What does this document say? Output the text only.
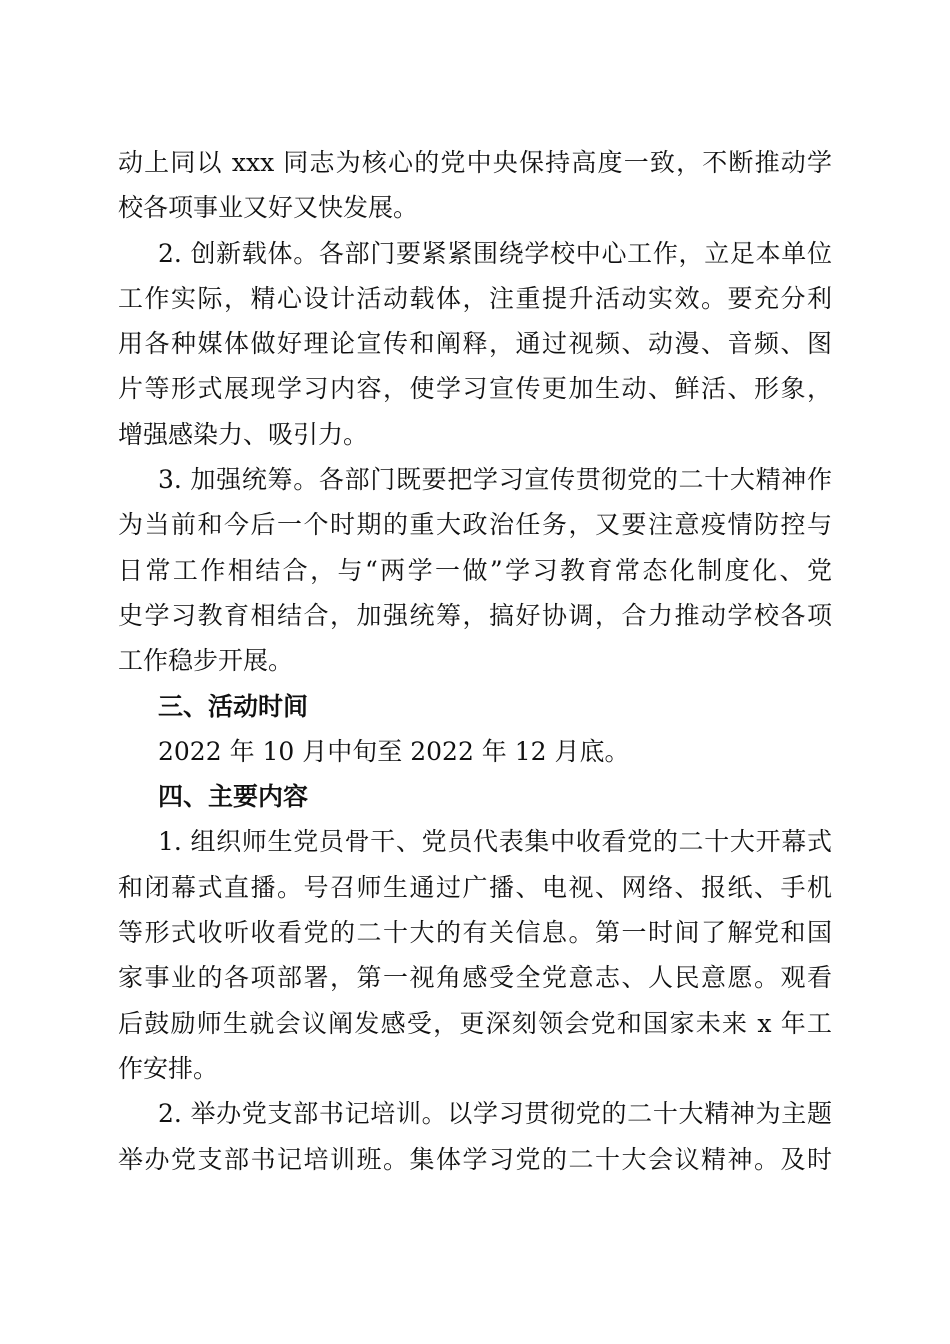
动上同以 xxx 同志为核心的党中央保持高度一致，不断推动学
校各项事业又好又快发展。
2. 创新载体。各部门要紧紧围绕学校中心工作，立足本单位
工作实际，精心设计活动载体，注重提升活动实效。要充分利
用各种媒体做好理论宣传和阐释，通过视频、动漫、音频、图
片等形式展现学习内容，使学习宣传更加生动、鲜活、形象，
增强感染力、吸引力。
3. 加强统筹。各部门既要把学习宣传贯彻党的二十大精神作
为当前和今后一个时期的重大政治任务，又要注意疫情防控与
日常工作相结合，与“两学一做”学习教育常态化制度化、党
史学习教育相结合，加强统筹，搞好协调，合力推动学校各项
工作稳步开展。
三、活动时间
2022 年 10 月中旬至 2022 年 12 月底。
四、主要内容
1. 组织师生党员骨干、党员代表集中收看党的二十大开幕式
和闭幕式直播。号召师生通过广播、电视、网络、报纸、手机
等形式收听收看党的二十大的有关信息。第一时间了解党和国
家事业的各项部署，第一视角感受全党意志、人民意愿。观看
后鼓励师生就会议阐发感受，更深刻领会党和国家未来 x 年工
作安排。
2. 举办党支部书记培训。以学习贯彻党的二十大精神为主题
举办党支部书记培训班。集体学习党的二十大会议精神。及时
